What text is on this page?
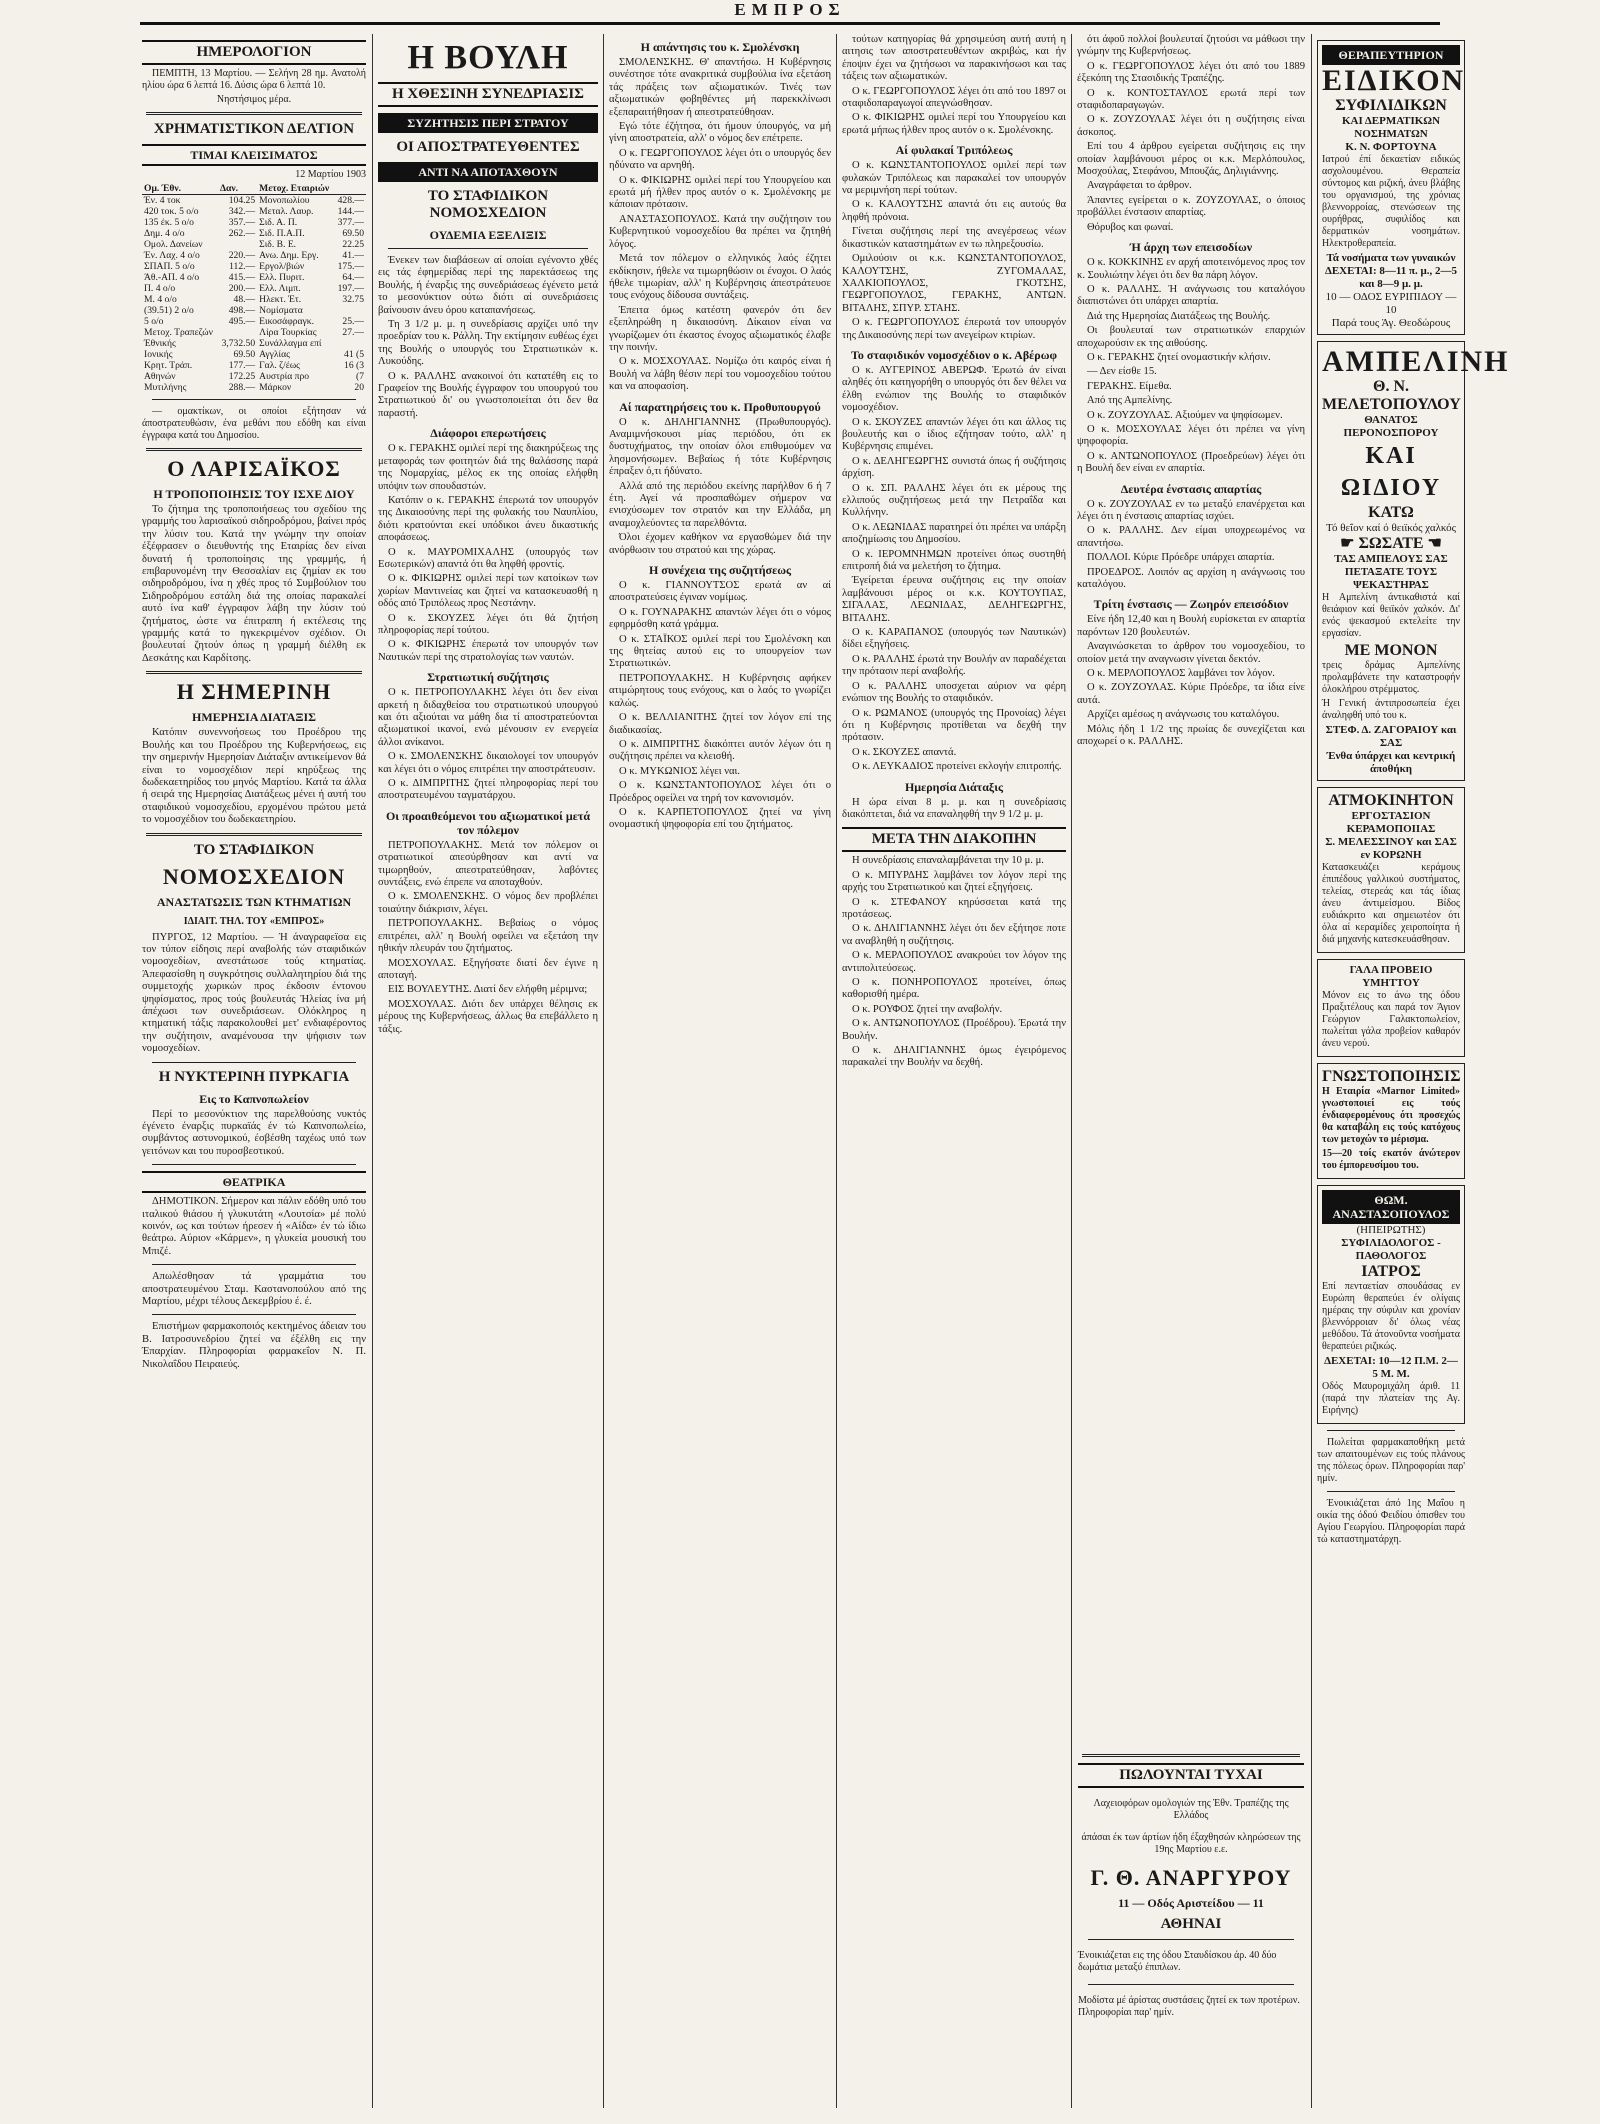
ΕΜΠΡΟΣ
ΗΜΕΡΟΛΟΓΙΟΝ

ΠΕΜΠΤΗ, 13 Μαρτίου. — Σελήνη 28 ημ. Ανατολή ηλίου ώρα 6 λεπτά 16. Δύσις ώρα 6 λεπτά 10.

Νηστήσιμος μέρα.

ΧΡΗΜΑΤΙΣΤΙΚΟΝ ΔΕΛΤΙΟΝ
ΤΙΜΑΙ ΚΛΕΙΣΙΜΑΤΟΣ

12 Μαρτίου 1903

Ομ. Έθν.	Δαν.	Μετοχ. Εταιριών	
Έν. 4 τοκ	104.25	Μονοπωλίου	428.—
420 τοκ. 5 ο/ο	342.—	Μεταλ. Λαυρ.	144.—
135 έκ. 5 ο/ο	357.—	Σιδ. Α. Π.	377.—
Δημ. 4 ο/ο	262.—	Σιδ. Π.Α.Π.	69.50
Ομολ. Δανείων		Σιδ. Β. Ε.	22.25
Έν. Λαχ. 4 ο/ο	220.—	Ανω. Δημ. Εργ.	41.—
ΣΠΑΠ. 5 ο/ο	112.—	Εργολ/βιών	175.—
Άθ.-ΑΠ. 4 ο/ο	415.—	Ελλ. Πυριτ.	64.—
Π. 4 ο/ο	200.—	Ελλ. Λιμπ.	197.—
Μ. 4 ο/ο	48.—	Ηλεκτ. Έτ.	32.75
(39.51) 2 ο/ο	498.—	Νομίσματα	
5 ο/ο	495.—	Εικοσάφραγκ.	25.—
Μετοχ. Τραπεζών		Λίρα Τουρκίας	27.—
Έθνικής	3,732.50	Συνάλλαγμα επί	
Ιονικής	69.50	Αγγλίας	41 (5
Κρητ. Τράπ.	177.—	Γαλ. ζ/έως	16 (3
Αθηνών	172.25	Αυστρία προ	(7
Μυτιλήνης	288.—	Μάρκον	20

— ομακτίκων, οι οποίοι εξήτησαν νά άποστρατευθώσιν, ένα μεθάνι που εδόθη και είναι έγγραφα κατά του Δημοσίου.

Ο ΛΑΡΙΣΑΪΚΟΣ
Η ΤΡΟΠΟΠΟΙΗΣΙΣ ΤΟΥ ΙΣΧΕ ΔΙΟΥ

Το ζήτημα της τροποποιήσεως του σχεδίου της γραμμής του λαρισαϊκού σιδηροδρόμου, βαίνει πρός την λύσιν του. Κατά την γνώμην την οποίαν έξέφρασεν ο διευθυντής της Εταιρίας δεν είναι δυνατή ή τροποποίησις της γραμμής, ή επιβαρυνομένη την Θεσσαλίαν εις ζημίαν εκ του σιδηροδρόμου, ίνα η χθές προς τό Συμβούλιον του Σιδηροδρόμου εστάλη διά της οποίας παρακαλεί αυτό ίνα καθ' έγγραφον λάβη την λύσιν τού ζητήματος, ώστε να έπιτραπη ή εκτέλεσις της γραμμής κατά το ηγκεκριμένον σχέδιον. Οι βουλευταί ζητούν όπως η γραμμή διέλθη εκ Δεσκάτης και Καρδίτσης.

Η ΣΗΜΕΡΙΝΗ
ΗΜΕΡΗΣΙΑ ΔΙΑΤΑΞΙΣ

Κατόπιν συνεννοήσεως του Προέδρου της Βουλής και του Προέδρου της Κυβερνήσεως, εις την σημερινήν Ημερησίαν Διάταξιν αντικείμενον θά είναι το νομοσχέδιον περί κηρύξεως της δωδεκαετηρίδος του μηνός Μαρτίου. Κατά τα άλλα ή σειρά της Ημερησίας Διατάξεως μένει ή αυτή του σταφιδικού νομοσχεδίου, ερχομένου πρώτου μετά το νομοσχέδιον του δωδεκαετηρίου.

ΤΟ ΣΤΑΦΙΔΙΚΟΝ
ΝΟΜΟΣΧΕΔΙΟΝ
ΑΝΑΣΤΑΤΩΣΙΣ ΤΩΝ ΚΤΗΜΑΤΙΩΝ
ΙΔΙΑΙΤ. ΤΗΛ. ΤΟΥ «ΕΜΠΡΟΣ»

ΠΥΡΓΟΣ, 12 Μαρτίου. — Ή άναγραφεϊσα εις τον τύπον είδησις περί αναβολής τών σταφιδικών νομοσχεδίων, ανεστάτωσε τούς κτηματίας. Άπεφασίσθη η συγκρότησις συλλαλητηρίου διά της συμμετοχής χωρικών προς έκδοσιν έντονου ψηφίσματος, προς τούς βουλευτάς Ήλείας ίνα μή άπέχωσι των συνεδριάσεων. Ολόκληρος η κτηματική τάξις παρακολουθεί μετ' ενδιαφέροντος την συζήτησιν, αναμένουσα την ψήφισιν των νομοσχεδίων.

Η ΝΥΚΤΕΡΙΝΗ ΠΥΡΚΑΓΙΑ
Εις το Καπνοπωλείον

Περί το μεσονύκτιον της παρελθούσης νυκτός έγένετο έναρξις πυρκαϊάς έν τώ Καπνοπωλείω, συμβάντος αστυνομικού, έσβέσθη ταχέως υπό των γειτόνων και του πυροσβεστικού.

ΘΕΑΤΡΙΚΑ

ΔΗΜΟΤΙΚΟΝ. Σήμερον και πάλιν εδόθη υπό του ιταλικού θιάσου ή γλυκυτάτη «Λουτσία» μέ πολύ κοινόν, ως και τούτων ήρεσεν ή «Αίδα» έν τώ ίδιω θεάτρω. Αύριον «Κάρμεν», η γλυκεία μουσική του Μπιζέ.

Απωλέσθησαν τά γραμμάτια του αποστρατευμένου Σταμ. Καστανοπούλου από της Μαρτίου, μέχρι τέλους Δεκεμβρίου έ. έ.

Επιστήμων φαρμακοποιός κεκτημένος άδειαν του Β. Ιατροσυνεδρίου ζητεί να έξέλθη εις την Έπαρχίαν. Πληροφορίαι φαρμακεΐον Ν. Π. Νικολαΐδου Πειραιεύς.

Η ΒΟΥΛΗ
Η ΧΘΕΣΙΝΗ ΣΥΝΕΔΡΙΑΣΙΣ
ΣΥΖΗΤΗΣΙΣ ΠΕΡΙ ΣΤΡΑΤΟΥ
ΟΙ ΑΠΟΣΤΡΑΤΕΥΘΕΝΤΕΣ
ΑΝΤΙ ΝΑ ΑΠΟΤΑΧΘΟΥΝ
ΤΟ ΣΤΑΦΙΔΙΚΟΝ ΝΟΜΟΣΧΕΔΙΟΝ
ΟΥΔΕΜΙΑ ΕΞΕΛΙΞΙΣ

Ένεκεν των διαβάσεων αί οποίαι εγένοντο χθές εις τάς έφημερίδας περί της παρεκτάσεως της Βουλής, ή έναρξις της συνεδριάσεως έγένετο μετά το μεσονύκτιον ούτω διότι αί συνεδριάσεις βαίνουσιν άνευ όρου καταπανήσεως.

Τη 3 1/2 μ. μ. η συνεδρίασις αρχίζει υπό την προεδρίαν του κ. Ράλλη. Την εκτίμησιν ευθέως έχει της Βουλής ο υπουργός του Στρατιωτικών κ. Λυκούδης.

Ο κ. ΡΑΛΛΗΣ ανακοινοί ότι κατατέθη εις το Γραφείον της Βουλής έγγραφον του υπουργού του Στρατιωτικού δι' ου γνωστοποιείται ότι δεν θα παραστή.

Διάφοροι επερωτήσεις

Ο κ. ΓΕΡΑΚΗΣ ομιλεί περί της διακηρύξεως της μεταφοράς των φοιτητών διά της θαλάσσης παρά της Νομαρχίας, μέλος εκ της οποίας ελήφθη υπόψιν των σπουδαστών.

Κατόπιν ο κ. ΓΕΡΑΚΗΣ έπερωτά τον υπουργόν της Δικαιοσύνης περί της φυλακής του Ναυπλίου, διότι κρατούνται εκεί υπόδικοι άνευ δικαστικής αποφάσεως.

Ο κ. ΜΑΥΡΟΜΙΧΑΛΗΣ (υπουργός των Εσωτερικών) απαντά ότι θα ληφθή φροντίς.

Ο κ. ΦΙΚΙΩΡΗΣ ομιλεί περί των κατοίκων των χωρίων Μαντινείας και ζητεί να κατασκευασθή η οδός από Τριπόλεως προς Νεστάνην.

Ο κ. ΣΚΟΥΖΕΣ λέγει ότι θά ζητήση πληροφορίας περί τούτου.

Ο κ. ΦΙΚΙΩΡΗΣ έπερωτά τον υπουργόν των Ναυτικών περί της στρατολογίας των ναυτών.

Στρατιωτική συζήτησις

Ο κ. ΠΕΤΡΟΠΟΥΛΑΚΗΣ λέγει ότι δεν είναι αρκετή η διδαχθείσα του στρατιωτικού υπουργού και ότι αξιούται να μάθη δια τί αποστρατεύονται αξιωματικοί ικανοί, ενώ μένουσιν εν ενεργεία άλλοι ανίκανοι.

Ο κ. ΣΜΟΛΕΝΣΚΗΣ δικαιολογεί τον υπουργόν και λέγει ότι ο νόμος επιτρέπει την αποστράτευσιν.

Ο κ. ΔΙΜΠΡΙΤΗΣ ζητεί πληροφορίας περί του αποστρατευμένου ταγματάρχου.

Οι προαιθεόμενοι του αξιωματικοί μετά τον πόλεμον

ΠΕΤΡΟΠΟΥΛΑΚΗΣ. Μετά τον πόλεμον οι στρατιωτικοί απεσύρθησαν και αντί να τιμωρηθούν, απεστρατεύθησαν, λαβόντες συντάξεις, ενώ έπρεπε να αποταχθούν.

Ο κ. ΣΜΟΛΕΝΣΚΗΣ. Ο νόμος δεν προβλέπει τοιαύτην διάκρισιν, λέγει.

ΠΕΤΡΟΠΟΥΛΑΚΗΣ. Βεβαίως ο νόμος επιτρέπει, αλλ' η Βουλή οφείλει να εξετάση την ηθικήν πλευράν του ζητήματος.

ΜΟΣΧΟΥΛΑΣ. Εξηγήσατε διατί δεν έγινε η αποταγή.

ΕΙΣ ΒΟΥΛΕΥΤΗΣ. Διατί δεν ελήφθη μέριμνα;

ΜΟΣΧΟΥΛΑΣ. Διότι δεν υπάρχει θέλησις εκ μέρους της Κυβερνήσεως, άλλως θα επεβάλλετο η τάξις.

Η απάντησις του κ. Σμολένσκη

ΣΜΟΛΕΝΣΚΗΣ. Θ' απαντήσω. Η Κυβέρνησις συνέστησε τότε ανακριτικά συμβούλια ίνα εξετάση τάς πράξεις των αξιωματικών. Τινές των αξιωματικών φοβηθέντες μή παρεκκλίνωσι εξεπαραιτήθησαν ή απεστρατεύθησαν.

Εγώ τότε έζήτησα, ότι ήμουν ύπουργός, να μή γίνη αποστρατεία, αλλ' ο νόμος δεν επέτρεπε.

Ο κ. ΓΕΩΡΓΟΠΟΥΛΟΣ λέγει ότι ο υπουργός δεν ηδύνατο να αρνηθή.

Ο κ. ΦΙΚΙΩΡΗΣ ομιλεί περί του Υπουργείου και ερωτά μή ήλθεν προς αυτόν ο κ. Σμολένσκης με κάποιαν πρότασιν.

ΑΝΑΣΤΑΣΟΠΟΥΛΟΣ. Κατά την συζήτησιν του Κυβερνητικού νομοσχεδίου θα πρέπει να ζητηθή λόγος.

Μετά τον πόλεμον ο ελληνικός λαός έζητει εκδίκησιν, ήθελε να τιμωρηθώσιν οι ένοχοι. Ο λαός ήθελε τιμωρίαν, αλλ' η Κυβέρνησις άπεστράτευσε τους ενόχους δίδουσα συντάξεις.

Έπειτα όμως κατέστη φανερόν ότι δεν εξεπληρώθη η δικαιοσύνη. Δίκαιον είναι να γνωρίζωμεν ότι έκαστος ένοχος αξιωματικός έλαβε την ποινήν.

Ο κ. ΜΟΣΧΟΥΛΑΣ. Νομίζω ότι καιρός είναι ή Βουλή να λάβη θέσιν περί του νομοσχεδίου τούτου και να αποφασίση.

Αί παρατηρήσεις του κ. Προθυπουργού

Ο κ. ΔΗΛΗΓΙΑΝΝΗΣ (Πρωθυπουργός). Αναμιμνήσκουσι μίας περιόδου, ότι εκ δυστυχήματος, την οποίαν όλοι επιθυμούμεν να λησμονήσωμεν. Βεβαίως ή τότε Κυβέρνησις έπραξεν ό,τι ήδύνατο.

Αλλά από της περιόδου εκείνης παρήλθον 6 ή 7 έτη. Αγεί νά προσπαθώμεν σήμερον να ενισχύσωμεν τον στρατόν και την Ελλάδα, μη αναμοχλεύοντες τα παρελθόντα.

Όλοι έχομεν καθήκον να εργασθώμεν διά την ανόρθωσιν του στρατού και της χώρας.

Η συνέχεια της συζητήσεως

Ο κ. ΓΙΑΝΝΟΥΤΣΟΣ ερωτά αν αί αποστρατεύσεις έγιναν νομίμως.

Ο κ. ΓΟΥΝΑΡΑΚΗΣ απαντών λέγει ότι ο νόμος εφηρμόσθη κατά γράμμα.

Ο κ. ΣΤΑΪΚΟΣ ομιλεί περί του Σμολένσκη και της θητείας αυτού εις το υπουργείον των Στρατιωτικών.

ΠΕΤΡΟΠΟΥΛΑΚΗΣ. Η Κυβέρνησις αφήκεν ατιμώρητους τους ενόχους, και ο λαός το γνωρίζει καλώς.

Ο κ. ΒΕΛΛΙΑΝΙΤΗΣ ζητεί τον λόγον επί της διαδικασίας.

Ο κ. ΔΙΜΠΡΙΤΗΣ διακόπτει αυτόν λέγων ότι η συζήτησις πρέπει να κλεισθή.

Ο κ. ΜΥΚΩΝΙΟΣ λέγει ναι.

Ο κ. ΚΩΝΣΤΑΝΤΟΠΟΥΛΟΣ λέγει ότι ο Πρόεδρος οφείλει να τηρή τον κανονισμόν.

Ο κ. ΚΑΡΠΕΤΟΠΟΥΛΟΣ ζητεί να γίνη ονομαστική ψηφοφορία επί του ζητήματος.

τούτων κατηγορίας θά χρησιμεύση αυτή αυτή η αιτησις των αποστρατευθέντων ακριβώς, και ήν έποψιν έχει να ζητήσωσι να παρακινήσωσι και τας τάξεις των αξιωματικών.

Ο κ. ΓΕΩΡΓΟΠΟΥΛΟΣ λέγει ότι από του 1897 οι σταφιδοπαραγωγοί απεγνώσθησαν.

Ο κ. ΦΙΚΙΩΡΗΣ ομιλεί περί του Υπουργείου και ερωτά μήπως ήλθεν προς αυτόν ο κ. Σμολένσκης.

Αί φυλακαί Τριπόλεως

Ο κ. ΚΩΝΣΤΑΝΤΟΠΟΥΛΟΣ ομιλεί περί των φυλακών Τριπόλεως και παρακαλεί τον υπουργόν να μεριμνήση περί τούτων.

Ο κ. ΚΑΛΟΥΤΣΗΣ απαντά ότι εις αυτούς θα ληφθή πρόνοια.

Γίνεται συζήτησις περί της ανεγέρσεως νέων δικαστικών καταστημάτων εν τω πληρεξουσίω.

Ομιλούσιν οι κ.κ. ΚΩΝΣΤΑΝΤΟΠΟΥΛΟΣ, ΚΑΛΟΥΤΣΗΣ, ΖΥΓΟΜΑΛΑΣ, ΧΑΛΚΙΟΠΟΥΛΟΣ, ΓΚΟΤΣΗΣ, ΓΕΩΡΓΟΠΟΥΛΟΣ, ΓΕΡΑΚΗΣ, ΑΝΤΩΝ. ΒΙΤΑΛΗΣ, ΣΠΥΡ. ΣΤΑΗΣ.

Ο κ. ΓΕΩΡΓΟΠΟΥΛΟΣ έπερωτά τον υπουργόν της Δικαιοσύνης περί των ανεγείρων κτιρίων.

Το σταφιδικόν νομοσχέδιον ο κ. Αβέρωφ

Ο κ. ΑΥΓΕΡΙΝΟΣ ΑΒΕΡΩΦ. Έρωτώ άν είναι αληθές ότι κατηγορήθη ο υπουργός ότι δεν θέλει να έλθη ενώπιον της Βουλής το σταφιδικόν νομοσχέδιον.

Ο κ. ΣΚΟΥΖΕΣ απαντών λέγει ότι και άλλος τις βουλευτής και ο ίδιος εζήτησαν τούτο, αλλ' η Κυβέρνησις επιμένει.

Ο κ. ΔΕΛΗΓΕΩΡΓΗΣ συνιστά όπως ή συζήτησις άρχίση.

Ο κ. ΣΠ. ΡΑΛΛΗΣ λέγει ότι εκ μέρους της ελλιπούς συζητήσεως μετά την Πετραΐδα και Κυλλήνην.

Ο κ. ΛΕΩΝΙΔΑΣ παρατηρεί ότι πρέπει να υπάρξη αποζημίωσις του Δημοσίου.

Ο κ. ΙΕΡΟΜΝΗΜΩΝ προτείνει όπως συστηθή επιτροπή διά να μελετήση το ζήτημα.

Έγείρεται έρευνα συζήτησις εις την οποίαν λαμβάνουσι μέρος οι κ.κ. ΚΟΥΤΟΥΠΑΣ, ΣΙΓΑΛΑΣ, ΛΕΩΝΙΔΑΣ, ΔΕΛΗΓΕΩΡΓΗΣ, ΒΙΤΑΛΗΣ.

Ο κ. ΚΑΡΑΠΑΝΟΣ (υπουργός των Ναυτικών) δίδει εξηγήσεις.

Ο κ. ΡΑΛΛΗΣ έρωτά την Βουλήν αν παραδέχεται την πρότασιν περί αναβολής.

Ο κ. ΡΑΛΛΗΣ υποσχεται αύριον να φέρη ενώπιον της Βουλής το σταφιδικόν.

Ο κ. ΡΩΜΑΝΟΣ (υπουργός της Προνοίας) λέγει ότι η Κυβέρνησις προτίθεται να δεχθή την πρότασιν.

Ο κ. ΣΚΟΥΖΕΣ απαντά.

Ο κ. ΛΕΥΚΑΔΙΟΣ προτείνει εκλογήν επιτροπής.

Ημερησία Διάταξις

Η ώρα είναι 8 μ. μ. και η συνεδρίασις διακόπτεται, διά να επαναληφθή την 9 1/2 μ. μ.

ΜΕΤΑ ΤΗΝ ΔΙΑΚΟΠΗΝ

Η συνεδρίασις επαναλαμβάνεται την 10 μ. μ.

Ο κ. ΜΠΥΡΔΗΣ λαμβάνει τον λόγον περί της αρχής του Στρατιωτικού και ζητεί εξηγήσεις.

Ο κ. ΣΤΕΦΑΝΟΥ κηρύσσεται κατά της προτάσεως.

Ο κ. ΔΗΛΙΓΙΑΝΝΗΣ λέγει ότι δεν εξήτησε ποτε να αναβληθή η συζήτησις.

Ο κ. ΜΕΡΛΟΠΟΥΛΟΣ ανακρούει τον λόγον της αντιπολιτεύσεως.

Ο κ. ΠΟΝΗΡΟΠΟΥΛΟΣ προτείνει, όπως καθορισθή ημέρα.

Ο κ. ΡΟΥΦΟΣ ζητεί την αναβολήν.

Ο κ. ΑΝΤΩΝΟΠΟΥΛΟΣ (Προέδρου). Έρωτά την Βουλήν.

Ο κ. ΔΗΛΙΓΙΑΝΝΗΣ όμως έγειρόμενος παρακαλεί την Βουλήν να δεχθή.

ότι άφοῦ πολλοί βουλευταί ζητούσι να μάθωσι την γνώμην της Κυβερνήσεως.

Ο κ. ΓΕΩΡΓΟΠΟΥΛΟΣ λέγει ότι από του 1889 έξεκόπη της Στασιδικής Τραπέζης.

Ο κ. ΚΟΝΤΟΣΤΑΥΛΟΣ ερωτά περί των σταφιδοπαραγωγών.

Ο κ. ΖΟΥΖΟΥΛΑΣ λέγει ότι η συζήτησις είναι άσκοπος.

Επί του 4 άρθρου εγείρεται συζήτησις εις την οποίαν λαμβάνουσι μέρος οι κ.κ. Μερλόπουλος, Μοσχούλας, Στεφάνου, Μπουζάς, Δηλιγιάννης.

Αναγράφεται το άρθρον.

Άπαντες εγείρεται ο κ. ΖΟΥΖΟΥΛΑΣ, ο όποιος προβάλλει ένστασιν απαρτίας.

Θόρυβος και φωναί.

Ή άρχη των επεισοδίων

Ο κ. ΚΟΚΚΙΝΗΣ εν αρχή αποτεινόμενος προς τον κ. Σουλιώτην λέγει ότι δεν θα πάρη λόγον.

Ο κ. ΡΑΛΛΗΣ. Ή ανάγνωσις του καταλόγου διαπιστώνει ότι υπάρχει απαρτία.

Διά της Ημερησίας Διατάξεως της Βουλής.

Οι βουλευταί των στρατιωτικών επαρχιών αποχωρούσιν εκ της αιθούσης.

Ο κ. ΓΕΡΑΚΗΣ ζητεί ονομαστικήν κλήσιν.

— Δεν είσθε 15.

ΓΕΡΑΚΗΣ. Είμεθα.

Από της Αμπελίνης.

Ο κ. ΖΟΥΖΟΥΛΑΣ. Αξιούμεν να ψηφίσωμεν.

Ο κ. ΜΟΣΧΟΥΛΑΣ λέγει ότι πρέπει να γίνη ψηφοφορία.

Ο κ. ΑΝΤΩΝΟΠΟΥΛΟΣ (Προεδρεύων) λέγει ότι η Βουλή δεν είναι εν απαρτία.

Δευτέρα ένστασις απαρτίας

Ο κ. ΖΟΥΖΟΥΛΑΣ εν τω μεταξύ επανέρχεται και λέγει ότι η ένστασις απαρτίας ισχύει.

Ο κ. ΡΑΛΛΗΣ. Δεν είμαι υποχρεωμένος να απαντήσω.

ΠΟΛΛΟΙ. Κύριε Πρόεδρε υπάρχει απαρτία.

ΠΡΟΕΔΡΟΣ. Λοιπόν ας αρχίση η ανάγνωσις του καταλόγου.

Τρίτη ένστασις — Ζωηρόν επεισόδιον

Είνε ήδη 12,40 και η Βουλή ευρίσκεται εν απαρτία παρόντων 120 βουλευτών.

Αναγινώσκεται το άρθρον του νομοσχεδίου, το οποίον μετά την αναγνωσιν γίνεται δεκτόν.

Ο κ. ΜΕΡΛΟΠΟΥΛΟΣ λαμβάνει τον λόγον.

Ο κ. ΖΟΥΖΟΥΛΑΣ. Κύριε Πρόεδρε, τα ίδια είνε αυτά.

Αρχίζει αμέσως η ανάγνωσις του καταλόγου.

Μόλις ήδη 1 1/2 της πρωίας δε συνεχίζεται και αποχωρεί ο κ. ΡΑΛΛΗΣ.

ΠΩΛΟΥΝΤΑΙ ΤΥΧΑΙ

Λαχειοφόρων ομολογιών της Έθν. Τραπέζης της Ελλάδος

άπάσαι έκ των άρτίων ήδη έξαχθησών κληρώσεων της 19ης Μαρτίου ε.ε.

Γ. Θ. ΑΝΑΡΓΥΡΟΥ
11 — Οδός Αριστείδου — 11
ΑΘΗΝΑΙ

Ένοικιάζεται εις της όδου Σταυδίσκου άρ. 40 δύο δωμάτια μεταξύ έπιπλων.

Μοδίστα μέ άρίστας συστάσεις ζητεί εκ των προτέρων. Πληροφορίαι παρ' ημίν.

ΘΕΡΑΠΕΥΤΗΡΙΟΝ
ΕΙΔΙΚΟΝ
ΣΥΦΙΛΙΔΙΚΩΝ
ΚΑΙ ΔΕΡΜΑΤΙΚΩΝ ΝΟΣΗΜΑΤΩΝ
Κ. Ν. ΦΟΡΤΟΥΝΑ

Ιατρού έπί δεκαετίαν ειδικώς ασχολουμένου. Θεραπεία σύντομος και ριζική, άνευ βλάβης του οργανισμού, της χρόνιας βλεννορροίας, στενώσεων της ουρήθρας, συφιλίδος και δερματικών νοσημάτων. Ηλεκτροθεραπεία.

Τά νοσήματα των γυναικών
ΔΕΧΕΤΑΙ: 8—11 π. μ., 2—5 και 8—9 μ. μ.
10 — ΟΔΟΣ ΕΥΡΙΠΙΔΟΥ — 10
Παρά τους Άγ. Θεοδώρους
ΑΜΠΕΛΙΝΗ
Θ. Ν. ΜΕΛΕΤΟΠΟΥΛΟΥ
ΘΑΝΑΤΟΣ ΠΕΡΟΝΟΣΠΟΡΟΥ
ΚΑΙ ΩΙΔΙΟΥ
ΚΑΤΩ
Τό θεΐον καί ό θειϊκός χαλκός
☛ ΣΩΣΑΤΕ ☚
ΤΑΣ ΑΜΠΕΛΟΥΣ ΣΑΣ
ΠΕΤΑΞΑΤΕ ΤΟΥΣ ΨΕΚΑΣΤΗΡΑΣ

Η Αμπελίνη άντικαθιστά καί θειάφιον καί θειϊκόν χαλκόν. Δι' ενός ψεκασμού εκτελείτε την εργασίαν.

ΜΕ ΜΟΝΟΝ

τρεις δράμας Αμπελίνης προλαμβάνετε την καταστροφήν όλοκλήρου στρέμματος.

Ή Γενική άντιπροσωπεία έχει άναληφθή υπό του κ.

ΣΤΕΦ. Δ. ΖΑΓΟΡΑΙΟΥ και ΣΑΣ
Ένθα ύπάρχει και κεντρική άποθήκη
ΑΤΜΟΚΙΝΗΤΟΝ
ΕΡΓΟΣΤΑΣΙΟΝ ΚΕΡΑΜΟΠΟΙΙΑΣ
Σ. ΜΕΛΕΣΣΙΝΟΥ και ΣΑΣ εν ΚΟΡΩΝΗ

Κατασκευάζει κεράμους έπιπέδους γαλλικού συστήματος, τελείας, στερεάς και τάς ίδιας άνευ άντιμείσμου. Βίδος ευδιάκριτο και σημειωτέον ότι όλα αί κεραμίδες χειροποίητα ή διά μηχανής κατεσκευάσθησαν.

ΓΑΛΑ ΠΡΟΒΕΙΟ ΥΜΗΤΤΟΥ

Μόνον εις το άνω της όδου Πραξιτέλους και παρά τον Άγιον Γεώργιον Γαλακτοπωλείον, πωλείται γάλα προβείον καθαρόν άνευ νερού.

ΓΝΩΣΤΟΠΟΙΗΣΙΣ

Η Εταιρία «Marnor Limited» γνωστοποιεί εις τούς ένδιαφερομένους ότι προσεχώς θα καταβάλη εις τούς κατόχους των μετοχών το μέρισμα.

15—20 τοίς εκατόν άνώτερον του έμπορευσίμου του.

ΘΩΜ. ΑΝΑΣΤΑΣΟΠΟΥΛΟΣ
(ΗΠΕΙΡΩΤΗΣ)
ΣΥΦΙΛΙΔΟΛΟΓΟΣ - ΠΑΘΟΛΟΓΟΣ
ΙΑΤΡΟΣ

Επί πενταετίαν σπουδάσας εν Ευρώπη θεραπεύει έν ολίγαις ημέραις την σύφιλιν και χρονίαν βλεννόρροιαν δι' όλως νέας μεθόδου. Τά άτονοῦντα νοσήματα θεραπεύει ριζικώς.

ΔΕΧΕΤΑΙ: 10—12 Π.Μ. 2—5 Μ. Μ.

Οδός Μαυρομιχάλη άριθ. 11 (παρά την πλατείαν της Αγ. Ειρήνης)

Πωλείται φαρμακαποθήκη μετά των απαιτουμένων εις τούς πλάνους της πόλεως όρων. Πληροφορίαι παρ' ημίν.

Ένοικιάζεται άπό 1ης Μαΐου η οικία της όδού Φειδίου όπισθεν του Αγίου Γεωργίου. Πληροφορίαι παρά τώ καταστηματάρχη.
